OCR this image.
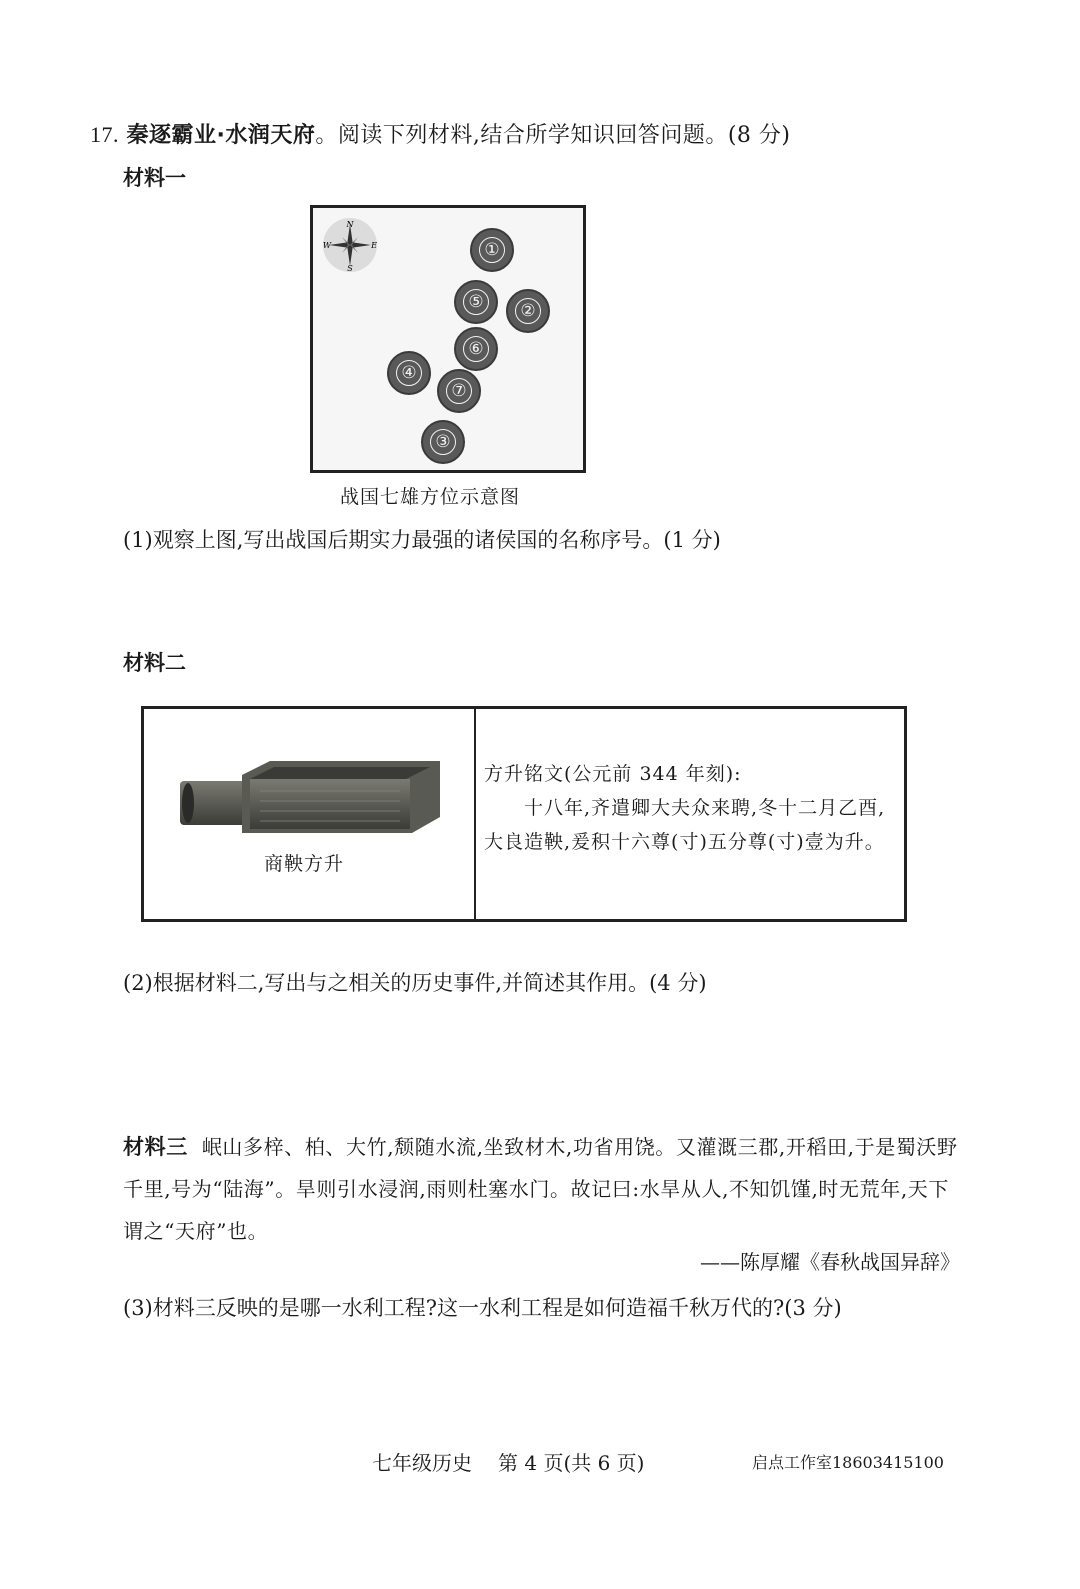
17. 秦逐霸业·水润天府。阅读下列材料,结合所学知识回答问题。(8 分)
材料一
N
S
W	E	①
②
③
④
⑤
⑥
⑦
战国七雄方位示意图
(1)观察上图,写出战国后期实力最强的诸侯国的名称序号。(1 分)
材料二
商鞅方升

方升铭文(公元前 344 年刻):

十八年,齐遣卿大夫众来聘,冬十二月乙酉,大良造鞅,爰积十六尊(寸)五分尊(寸)壹为升。

(2)根据材料二,写出与之相关的历史事件,并简述其作用。(4 分)
材料三 岷山多梓、柏、大竹,颓随水流,坐致材木,功省用饶。又灌溉三郡,开稻田,于是蜀沃野千里,号为“陆海”。旱则引水浸润,雨则杜塞水门。故记曰:水旱从人,不知饥馑,时无荒年,天下谓之“天府”也。
——陈厚耀《春秋战国异辞》
(3)材料三反映的是哪一水利工程?这一水利工程是如何造福千秋万代的?(3 分)
七年级历史 第 4 页(共 6 页)	启点工作室18603415100
